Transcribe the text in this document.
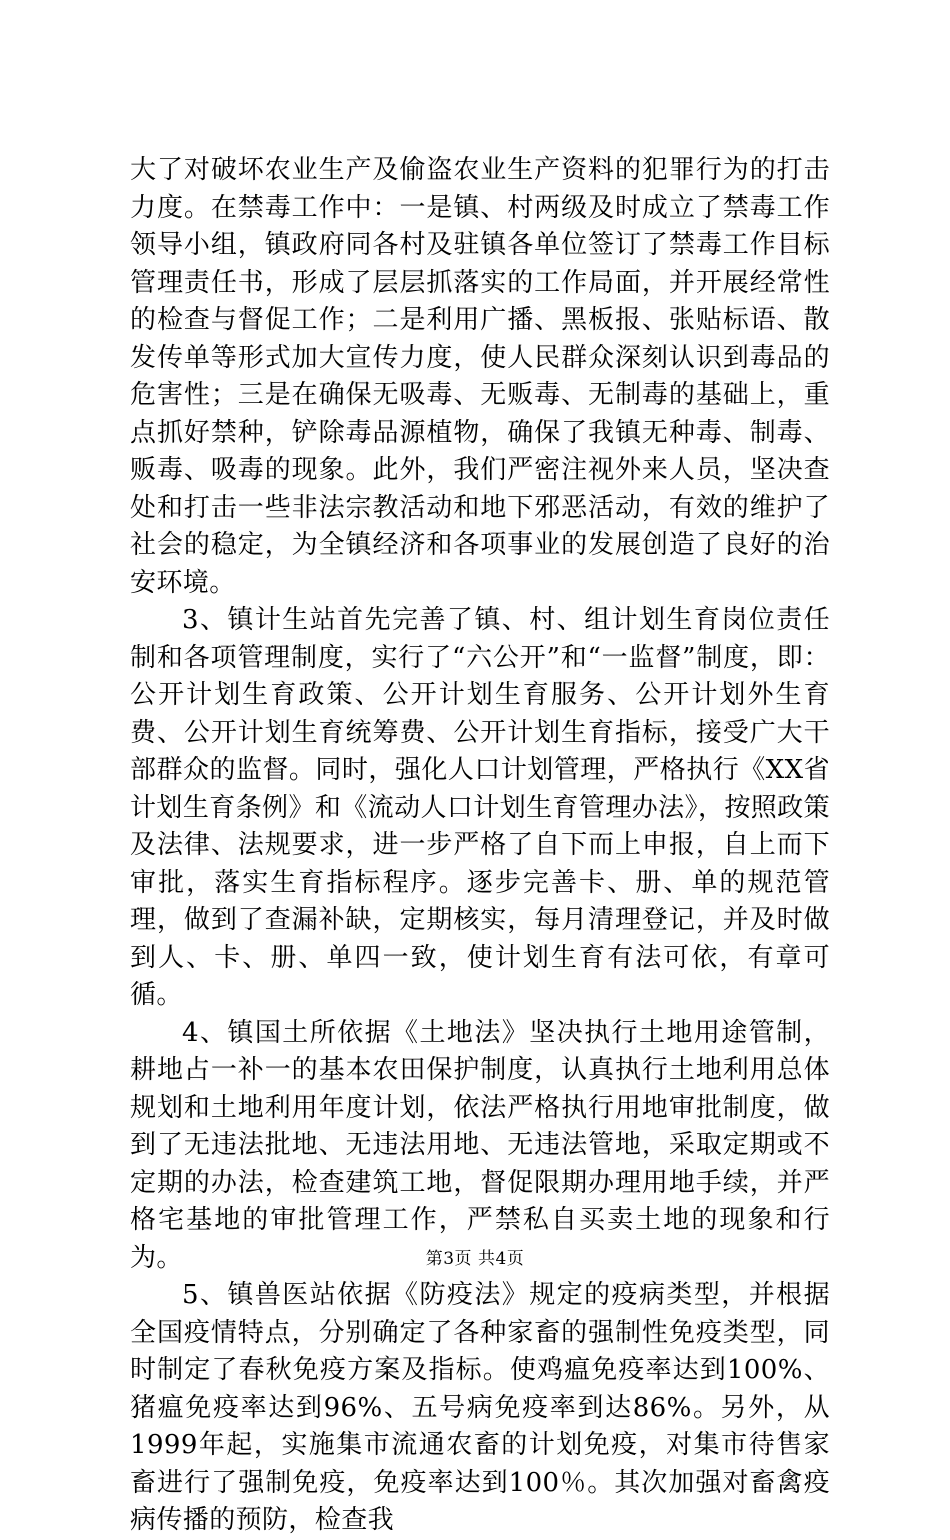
大了对破坏农业生产及偷盗农业生产资料的犯罪行为的打击力度。在禁毒工作中：一是镇、村两级及时成立了禁毒工作领导小组，镇政府同各村及驻镇各单位签订了禁毒工作目标管理责任书，形成了层层抓落实的工作局面，并开展经常性的检查与督促工作；二是利用广播、黑板报、张贴标语、散发传单等形式加大宣传力度，使人民群众深刻认识到毒品的危害性；三是在确保无吸毒、无贩毒、无制毒的基础上，重点抓好禁种，铲除毒品源植物，确保了我镇无种毒、制毒、贩毒、吸毒的现象。此外，我们严密注视外来人员，坚决查处和打击一些非法宗教活动和地下邪恶活动，有效的维护了社会的稳定，为全镇经济和各项事业的发展创造了良好的治安环境。

3、镇计生站首先完善了镇、村、组计划生育岗位责任制和各项管理制度，实行了“六公开”和“一监督”制度，即：公开计划生育政策、公开计划生育服务、公开计划外生育费、公开计划生育统筹费、公开计划生育指标，接受广大干部群众的监督。同时，强化人口计划管理，严格执行《XX省计划生育条例》和《流动人口计划生育管理办法》，按照政策及法律、法规要求，进一步严格了自下而上申报，自上而下审批，落实生育指标程序。逐步完善卡、册、单的规范管理，做到了查漏补缺，定期核实，每月清理登记，并及时做到人、卡、册、单四一致，使计划生育有法可依，有章可循。

4、镇国土所依据《土地法》坚决执行土地用途管制，耕地占一补一的基本农田保护制度，认真执行土地利用总体规划和土地利用年度计划，依法严格执行用地审批制度，做到了无违法批地、无违法用地、无违法管地，采取定期或不定期的办法，检查建筑工地，督促限期办理用地手续，并严格宅基地的审批管理工作，严禁私自买卖土地的现象和行为。

5、镇兽医站依据《防疫法》规定的疫病类型，并根据全国疫情特点，分别确定了各种家畜的强制性免疫类型，同时制定了春秋免疫方案及指标。使鸡瘟免疫率达到100%、猪瘟免疫率达到96%、五号病免疫率到达86%。另外，从1999年起，实施集市流通农畜的计划免疫，对集市待售家畜进行了强制免疫，免疫率达到100％。其次加强对畜禽疫病传播的预防，检查我

第3页 共4页
